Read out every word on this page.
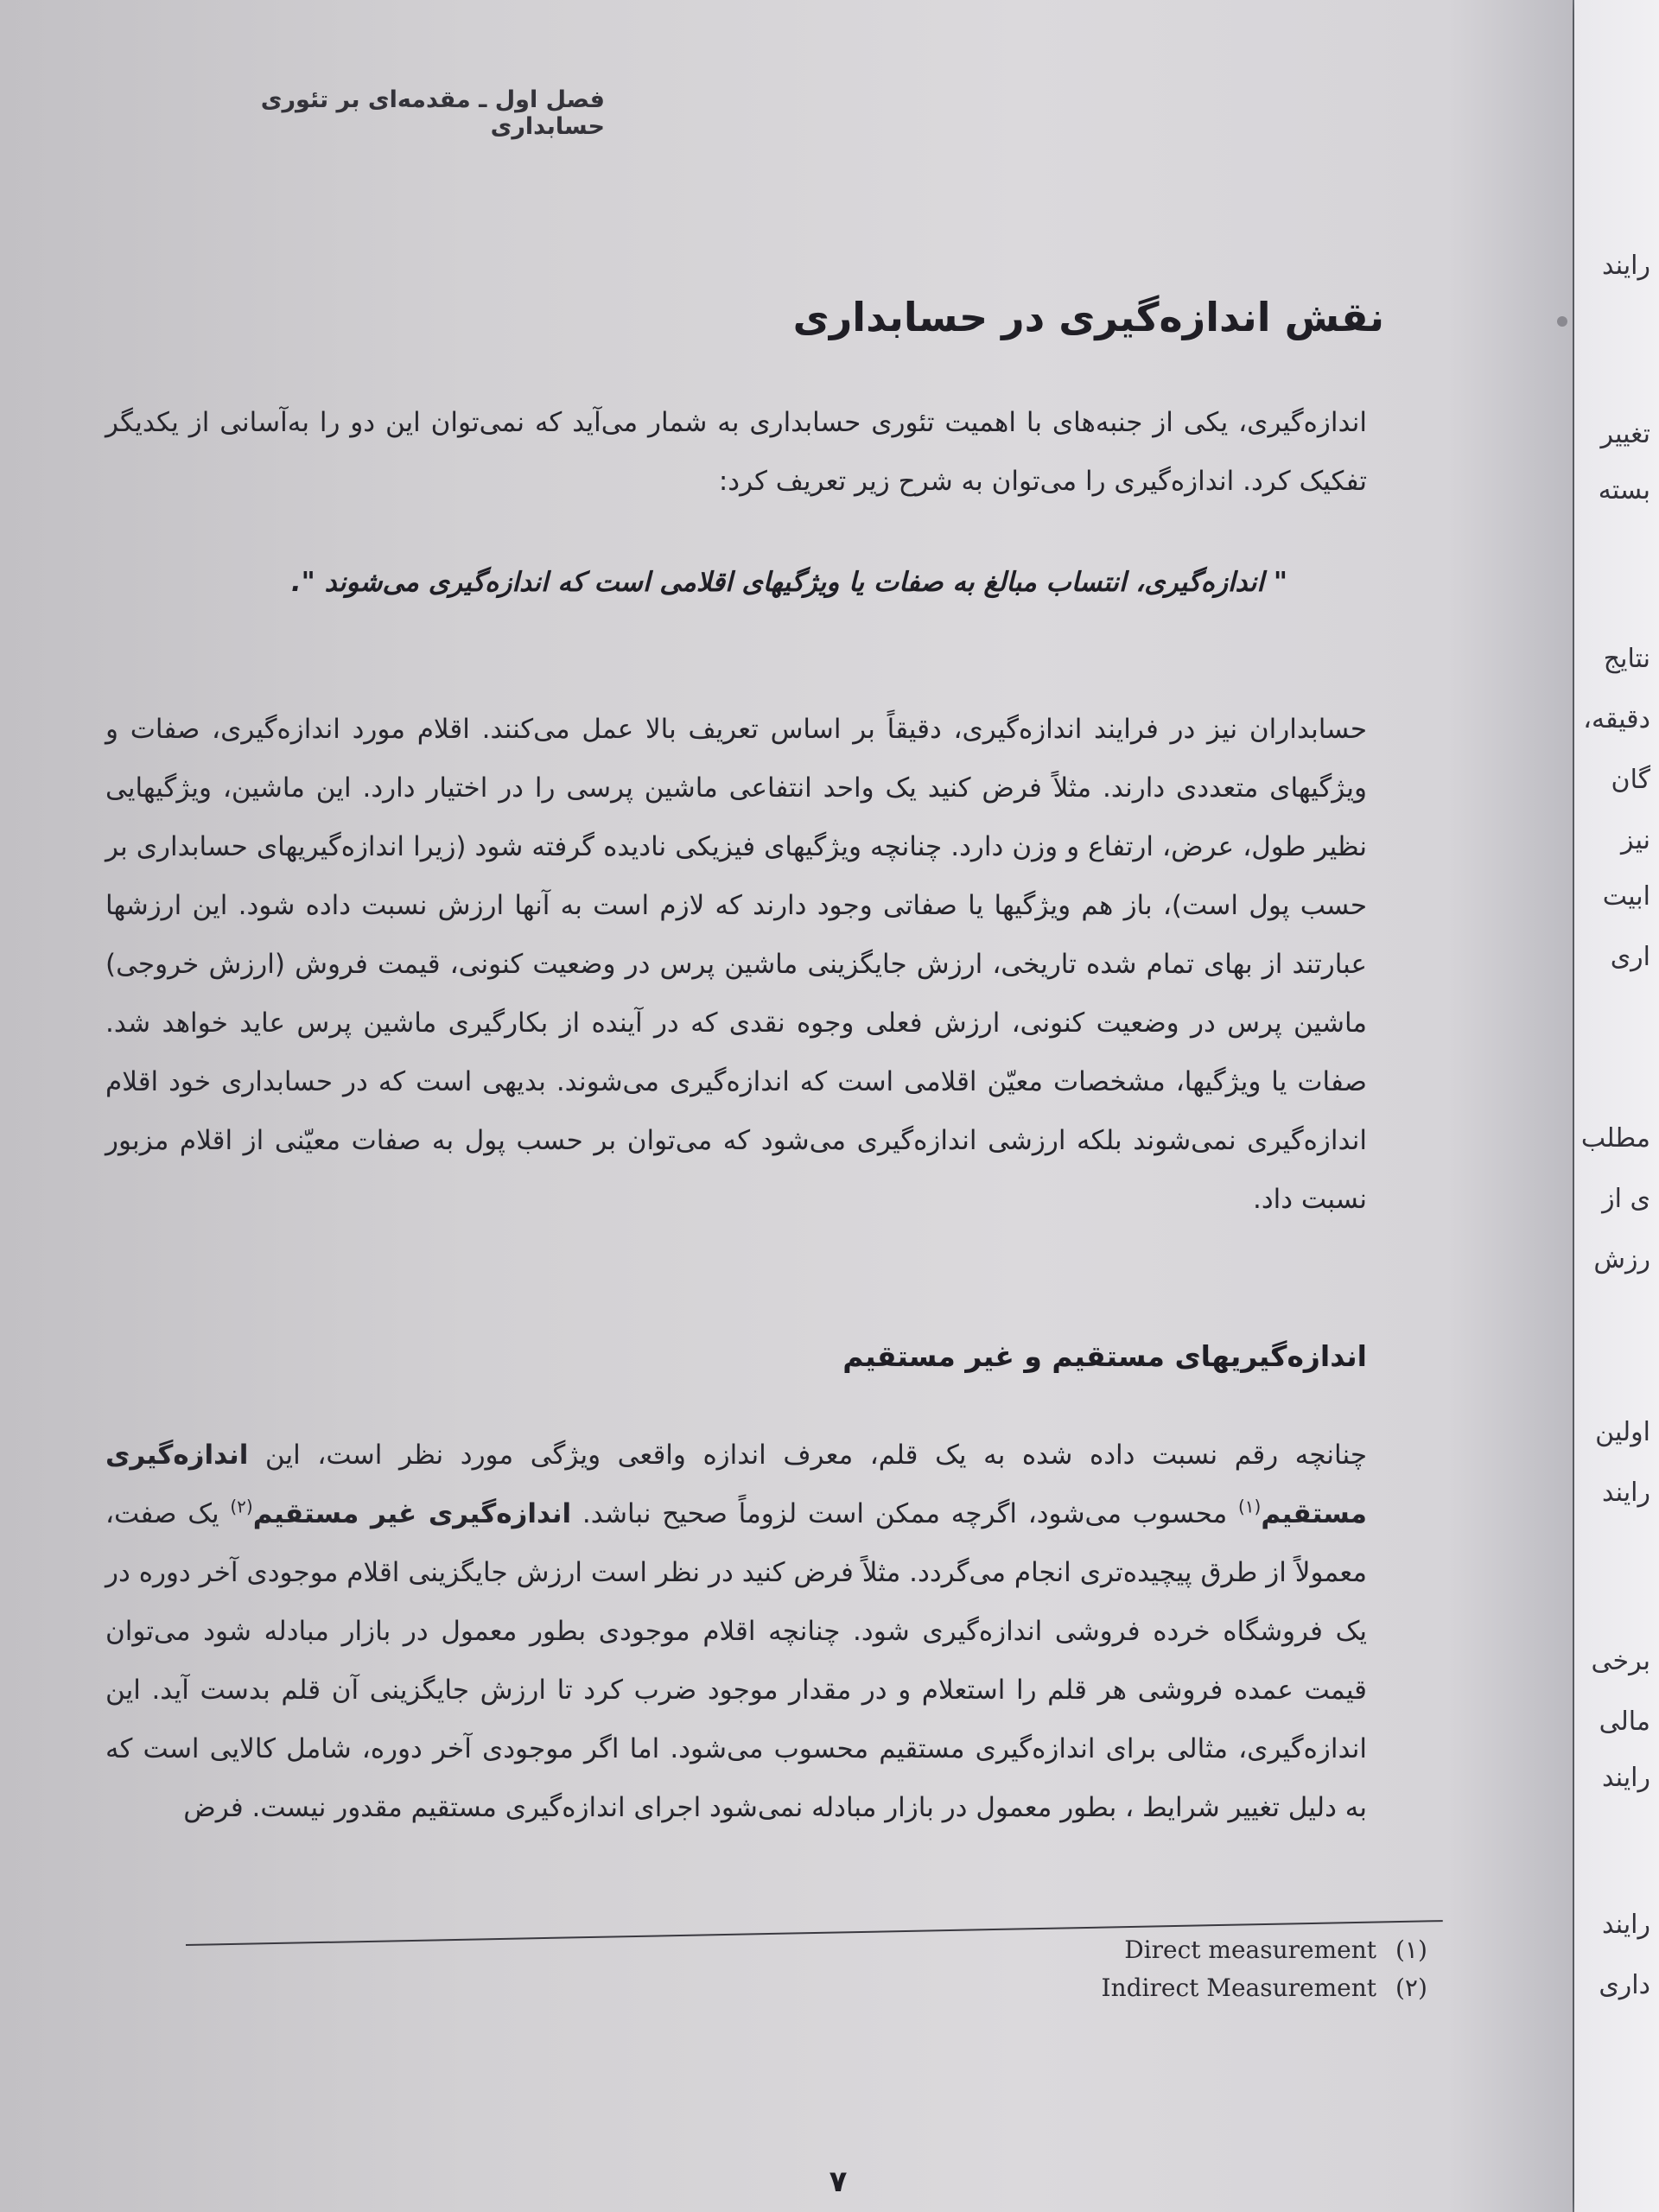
فصل اول ـ مقدمه‌ای بر تئوری حسابداری
نقش اندازه‌گیری در حسابداری

اندازه‌گیری، یکی از جنبه‌های با اهمیت تئوری حسابداری به شمار می‌آید که نمی‌توان این دو را به‌آسانی از یکدیگر تفکیک کرد. اندازه‌گیری را می‌توان به شرح زیر تعریف کرد:

" اندازه‌گیری، انتساب مبالغ به صفات یا ویژگیهای اقلامی است که اندازه‌گیری می‌شوند ".

حسابداران نیز در فرایند اندازه‌گیری، دقیقاً بر اساس تعریف بالا عمل می‌کنند. اقلام مورد اندازه‌گیری، صفات و ویژگیهای متعددی دارند. مثلاً فرض کنید یک واحد انتفاعی ماشین پرسی را در اختیار دارد. این ماشین، ویژگیهایی نظیر طول، عرض، ارتفاع و وزن دارد. چنانچه ویژگیهای فیزیکی نادیده گرفته شود (زیرا اندازه‌گیریهای حسابداری بر حسب پول است)، باز هم ویژگیها یا صفاتی وجود دارند که لازم است به آنها ارزش نسبت داده شود. این ارزشها عبارتند از بهای تمام شده تاریخی، ارزش جایگزینی ماشین پرس در وضعیت کنونی، قیمت فروش (ارزش خروجی) ماشین پرس در وضعیت کنونی، ارزش فعلی وجوه نقدی که در آینده از بکارگیری ماشین پرس عاید خواهد شد. صفات یا ویژگیها، مشخصات معیّن اقلامی است که اندازه‌گیری می‌شوند. بدیهی است که در حسابداری خود اقلام اندازه‌گیری نمی‌شوند بلکه ارزشی اندازه‌گیری می‌شود که می‌توان بر حسب پول به صفات معیّنی از اقلام مزبور نسبت داد.

اندازه‌گیریهای مستقیم و غیر مستقیم

چنانچه رقم نسبت داده شده به یک قلم، معرف اندازه واقعی ویژگی مورد نظر است، این اندازه‌گیری مستقیم$^{(۱)}$ محسوب می‌شود، اگرچه ممکن است لزوماً صحیح نباشد. اندازه‌گیری غیر مستقیم$^{(۲)}$ یک صفت، معمولاً از طرق پیچیده‌تری انجام می‌گردد. مثلاً فرض کنید در نظر است ارزش جایگزینی اقلام موجودی آخر دوره در یک فروشگاه خرده فروشی اندازه‌گیری شود. چنانچه اقلام موجودی بطور معمول در بازار مبادله شود می‌توان قیمت عمده فروشی هر قلم را استعلام و در مقدار موجود ضرب کرد تا ارزش جایگزینی آن قلم بدست آید. این اندازه‌گیری، مثالی برای اندازه‌گیری مستقیم محسوب می‌شود. اما اگر موجودی آخر دوره، شامل کالایی است که به دلیل تغییر شرایط ، بطور معمول در بازار مبادله نمی‌شود اجرای اندازه‌گیری مستقیم مقدور نیست. فرض

Direct measurement (۱)
Indirect Measurement (۲)
۷
رایند
تغییر
بسته
نتایج
دقیقه،
گان
نیز
ابیت
اری
مطلب
ی از
رزش
اولین
رایند
برخی
مالی
رایند
رایند
داری
